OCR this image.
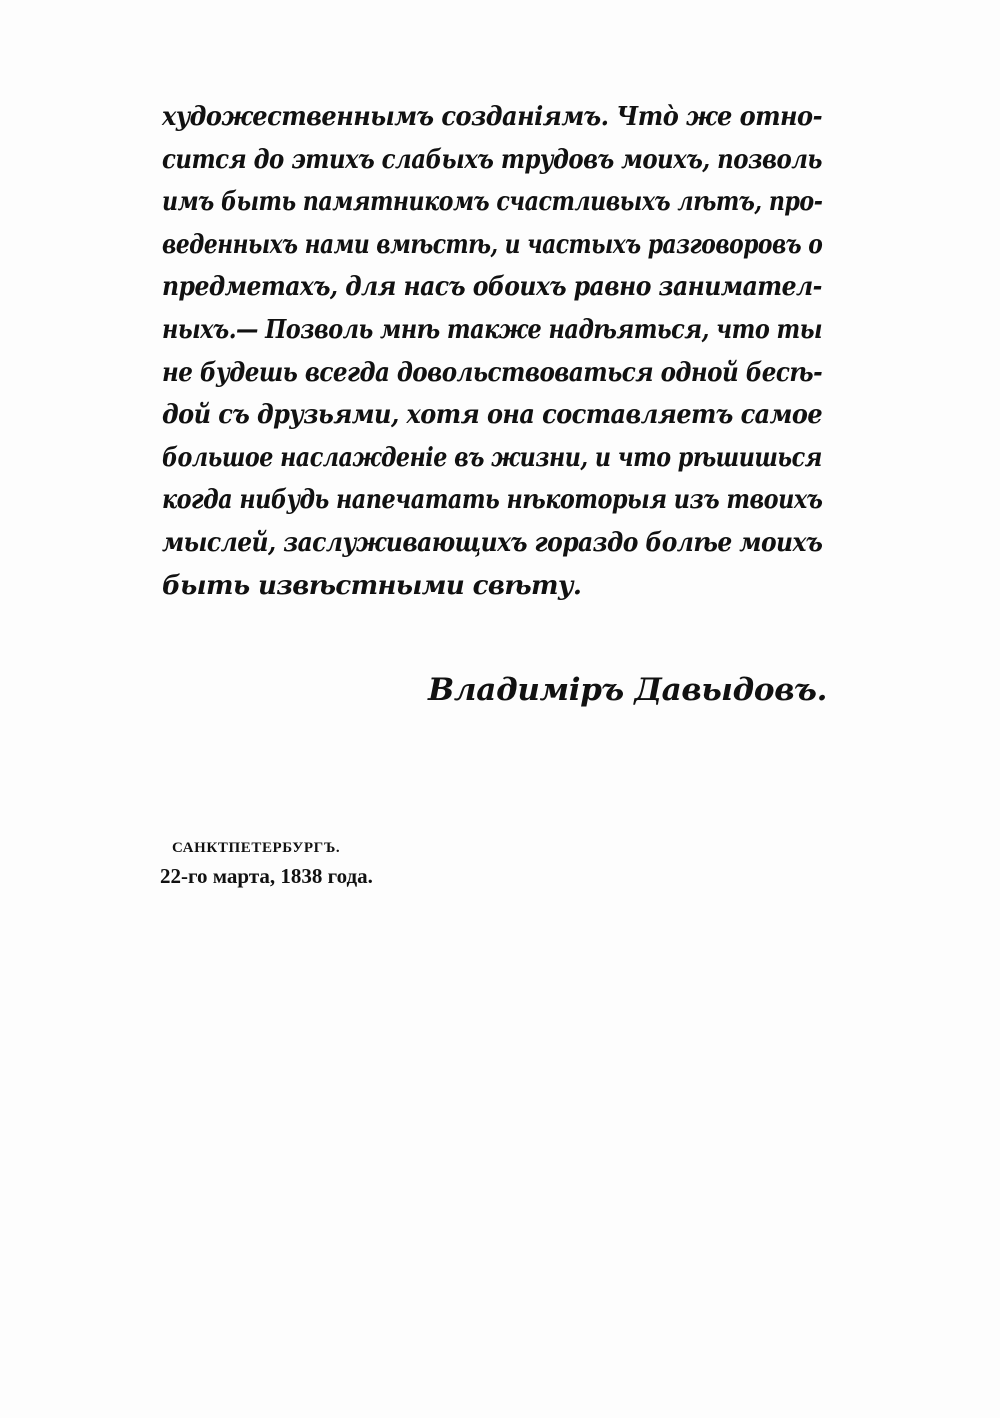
художественнымъ созданіямъ. Чтò же отно-
сится до этихъ слабыхъ трудовъ моихъ, позволь
имъ быть памятникомъ счастливыхъ лѣтъ, про-
веденныхъ нами вмѣстѣ, и частыхъ разговоровъ о
предметахъ, для насъ обоихъ равно занимател-
ныхъ.— Позволь мнѣ также надѣяться, что ты
не будешь всегда довольствоваться одной бесѣ-
дой съ друзьями, хотя она составляетъ самое
большое наслажденіе въ жизни, и что рѣшишься
когда нибудь напечатать нѣкоторыя изъ твоихъ
мыслей, заслуживающихъ гораздо болѣе моихъ
быть извѣстными свѣту.
Владиміръ Давыдовъ.
САНКТПЕТЕРБУРГЪ.
22-го марта, 1838 года.
